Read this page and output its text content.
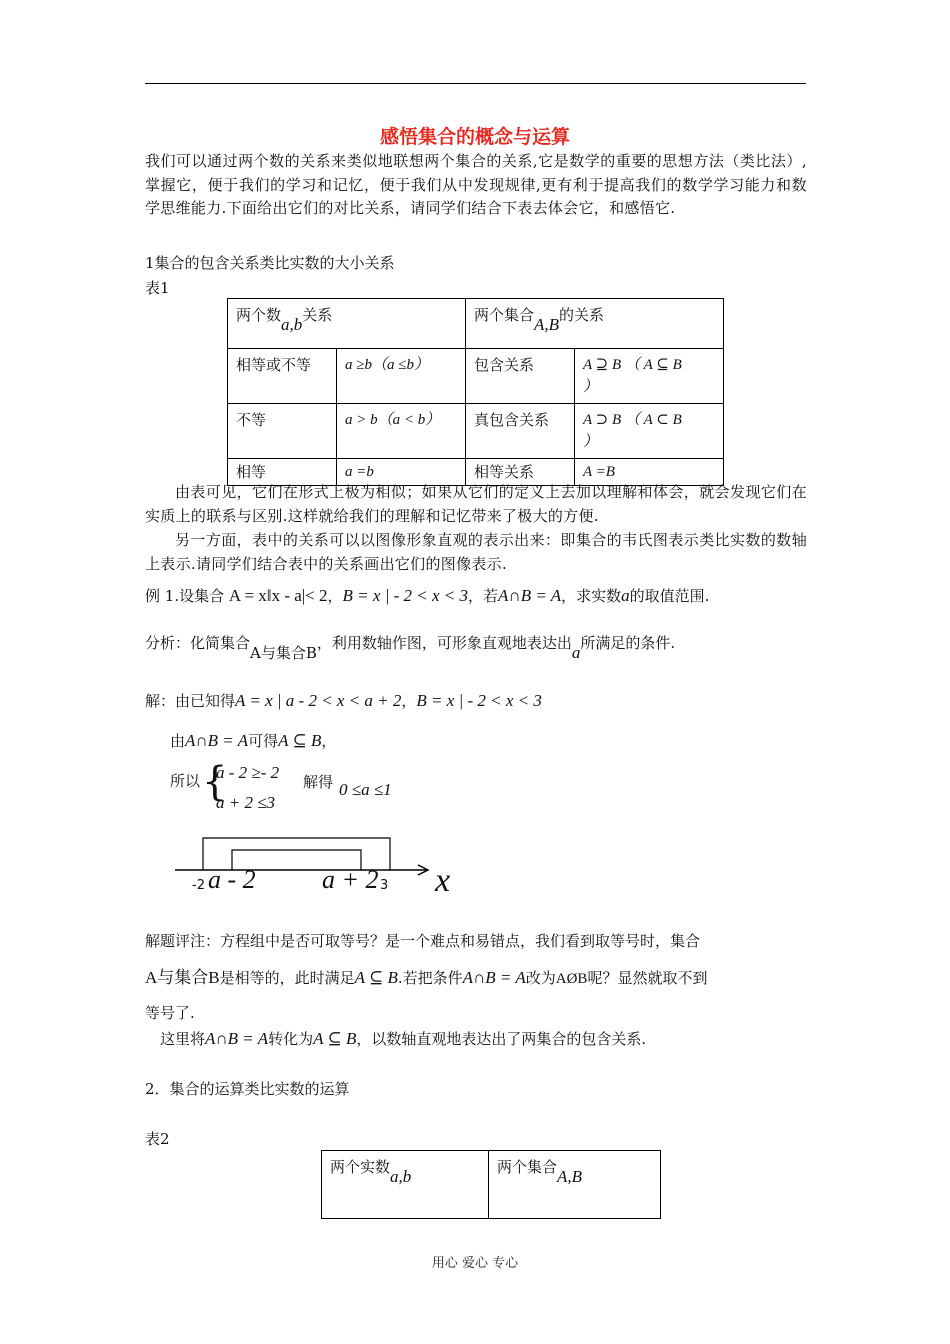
感悟集合的概念与运算
我们可以通过两个数的关系来类似地联想两个集合的关系,它是数学的重要的思想方法（类比法）,掌握它，便于我们的学习和记忆，便于我们从中发现规律,更有利于提高我们的数学学习能力和数学思维能力.下面给出它们的对比关系，请同学们结合下表去体会它，和感悟它.
1集合的包含关系类比实数的大小关系
表1
两个数a,b关系		两个集合A,B的关系	
相等或不等	a ≥b（a ≤b）	包含关系	A ⊇ B （ A ⊆ B
）
不等	a > b（a < b）	真包含关系	A ⊃ B （ A ⊂ B
）
相等	a =b	相等关系	A =B
由表可见，它们在形式上极为相似；如果从它们的定义上去加以理解和体会，就会发现它们在实质上的联系与区别.这样就给我们的理解和记忆带来了极大的方便.
另一方面，表中的关系可以以图像形象直观的表示出来：即集合的韦氏图表示类比实数的数轴上表示.请同学们结合表中的关系画出它们的图像表示.
例 1.设集合 A = x‖x - a|< 2，B = x | - 2 < x < 3，若A∩B = A，求实数a的取值范围.
分析：化简集合A与集合B，利用数轴作图，可形象直观地表达出a所满足的条件.
解：由已知得A = x | a - 2 < x < a + 2，B = x | - 2 < x < 3
由A∩B = A可得A ⊆ B，
所以 {
a - 2 ≥- 2
a + 2 ≤3
解得 0 ≤a ≤1
-2 a - 2	a + 2 3 x
解题评注：方程组中是否可取等号？是一个难点和易错点，我们看到取等号时，集合
A与集合B是相等的，此时满足A ⊆ B.若把条件A∩B = A改为AØB呢？显然就取不到
等号了.
这里将A∩B = A转化为A ⊆ B，以数轴直观地表达出了两集合的包含关系.
2．集合的运算类比实数的运算
表2
两个实数a,b	两个集合A,B
用心 爱心 专心
